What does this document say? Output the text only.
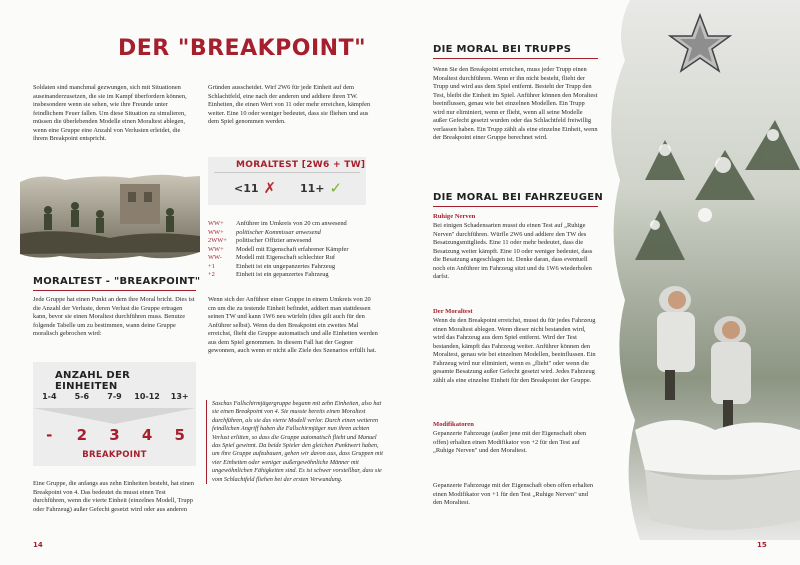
DER "BREAKPOINT"
Soldaten sind manchmal gezwungen, sich mit Situationen auseinanderzusetzen, die sie im Kampf überfordern können, insbesondere wenn sie sehen, wie ihre Freunde unter feindlichem Feuer fallen. Um diese Situation zu simulieren, müssen die überlebenden Modelle einen Moraltest ablegen, wenn eine Gruppe eine Anzahl von Verlusten erleidet, die ihrem Breakpoint entspricht.
MORALTEST - "BREAKPOINT"
Jede Gruppe hat einen Punkt an dem ihre Moral bricht. Dies ist die Anzahl der Verluste, deren Verlust die Gruppe ertragen kann, bevor sie einen Moraltest durchführen muss. Benutze folgende Tabelle um zu bestimmen, wann deine Gruppe moralisch gebrochen wird:
ANZAHL DER EINHEITEN
1-4	5-6	7-9	10-12	13+
-	2	3	4	5
BREAKPOINT
Eine Gruppe, die anfangs aus zehn Einheiten besteht, hat einen Breakpoint von 4. Das bedeutet du musst einen Test durchführen, wenn die vierte Einheit (einzelnes Modell, Trupp oder Fahrzeug) außer Gefecht gesetzt wird oder aus anderen
Gründen ausscheidet. Wirf 2W6 für jede Einheit auf dem Schlachtfeld, eine nach der anderen und addiere ihren TW. Einheiten, die einen Wert von 11 oder mehr erreichen, kämpfen weiter. Eine 10 oder weniger bedeutet, dass sie fliehen und aus dem Spiel genommen werden.
MORALTEST [2W6 + TW]
<11 ✗ 11+ ✓
WW+	Anführer im Umkreis von 20 cm anwesend
WW+	politischer Kommissar anwesend
2WW+	politischer Offizier anwesend
WW+	Modell mit Eigenschaft erfahrener Kämpfer
WW-	Modell mit Eigenschaft schlechter Ruf
+1	Einheit ist ein ungepanzertes Fahrzeug
+2	Einheit ist ein gepanzertes Fahrzeug
Wenn sich der Anführer einer Gruppe in einem Umkreis von 20 cm um die zu testende Einheit befindet, addiert man stattdessen seinen TW und kann 1W6 neu würfeln (dies gilt auch für den Anführer selbst). Wenn du den Breakpoint ein zweites Mal erreichst, flieht die Gruppe automatisch und alle Einheiten werden aus dem Spiel genommen. In diesem Fall hat der Gegner gewonnen, auch wenn er nicht alle Ziele des Szenarios erfüllt hat.
Saschas Fallschirmjägergruppe begann mit zehn Einheiten, also hat sie einen Breakpoint von 4. Sie musste bereits einen Moraltest durchführen, als sie das vierte Modell verlor. Durch einen weiteren feindlichen Angriff haben die Fallschirmjäger nun ihren achten Verlust erlitten, so dass die Gruppe automatisch flieht und Manuel das Spiel gewinnt. Da beide Spieler den gleichen Punktwert haben, um ihre Gruppe aufzubauen, gehen wir davon aus, dass Gruppen mit vier Einheiten oder weniger außergewöhnliche Männer mit ungewöhnlichen Fähigkeiten sind. Es ist schwer vorstellbar, dass sie vom Schlachtfeld fliehen bei der ersten Verwundung.
14
DIE MORAL BEI TRUPPS
Wenn Sie den Breakpoint erreichen, muss jeder Trupp einen Moraltest durchführen. Wenn er ihn nicht besteht, flieht der Trupp und wird aus dem Spiel entfernt. Besteht der Trupp den Test, bleibt die Einheit im Spiel. Anführer können den Moraltest beeinflussen, genau wie bei einzelnen Modellen. Ein Trupp wird nur eliminiert, wenn er flieht, wenn all seine Modelle außer Gefecht gesetzt wurden oder das Schlachtfeld freiwillig verlassen haben. Ein Trupp zählt als eine einzelne Einheit, wenn der Breakpoint einer Gruppe berechnet wird.
DIE MORAL BEI FAHRZEUGEN
Ruhige Nerven
Bei einigen Schadensarten musst du einen Test auf „Ruhige Nerven" durchführen. Würfle 2W6 und addiere den TW des Besatzungsmitglieds. Eine 11 oder mehr bedeutet, dass die Besatzung weiter kämpft. Eine 10 oder weniger bedeutet, dass die Besatzung angeschlagen ist. Denke daran, dass eventuell noch ein Anführer im Fahrzeug sitzt und du 1W6 wiederholen darfst.
Der Moraltest
Wenn du den Breakpoint erreichst, musst du für jedes Fahrzeug einen Moraltest ablegen. Wenn dieser nicht bestanden wird, wird das Fahrzeug aus dem Spiel entfernt. Wird der Test bestanden, kämpft das Fahrzeug weiter. Anführer können den Moraltest, genau wie bei einzelnen Modellen, beeinflussen. Ein Fahrzeug wird nur eliminiert, wenn es „flieht" oder wenn die gesamte Besatzung außer Gefecht gesetzt wird. Jedes Fahrzeug zählt als eine einzelne Einheit für den Breakpoint der Gruppe.
Modifikatoren
Gepanzerte Fahrzeuge (außer jene mit der Eigenschaft oben offen) erhalten einen Modifikator von +2 für den Test auf „Ruhige Nerven" und den Moraltest.
Gepanzerte Fahrzeuge mit der Eigenschaft oben offen erhalten einen Modifikator von +1 für den Test „Ruhige Nerven" und den Moraltest.
15
